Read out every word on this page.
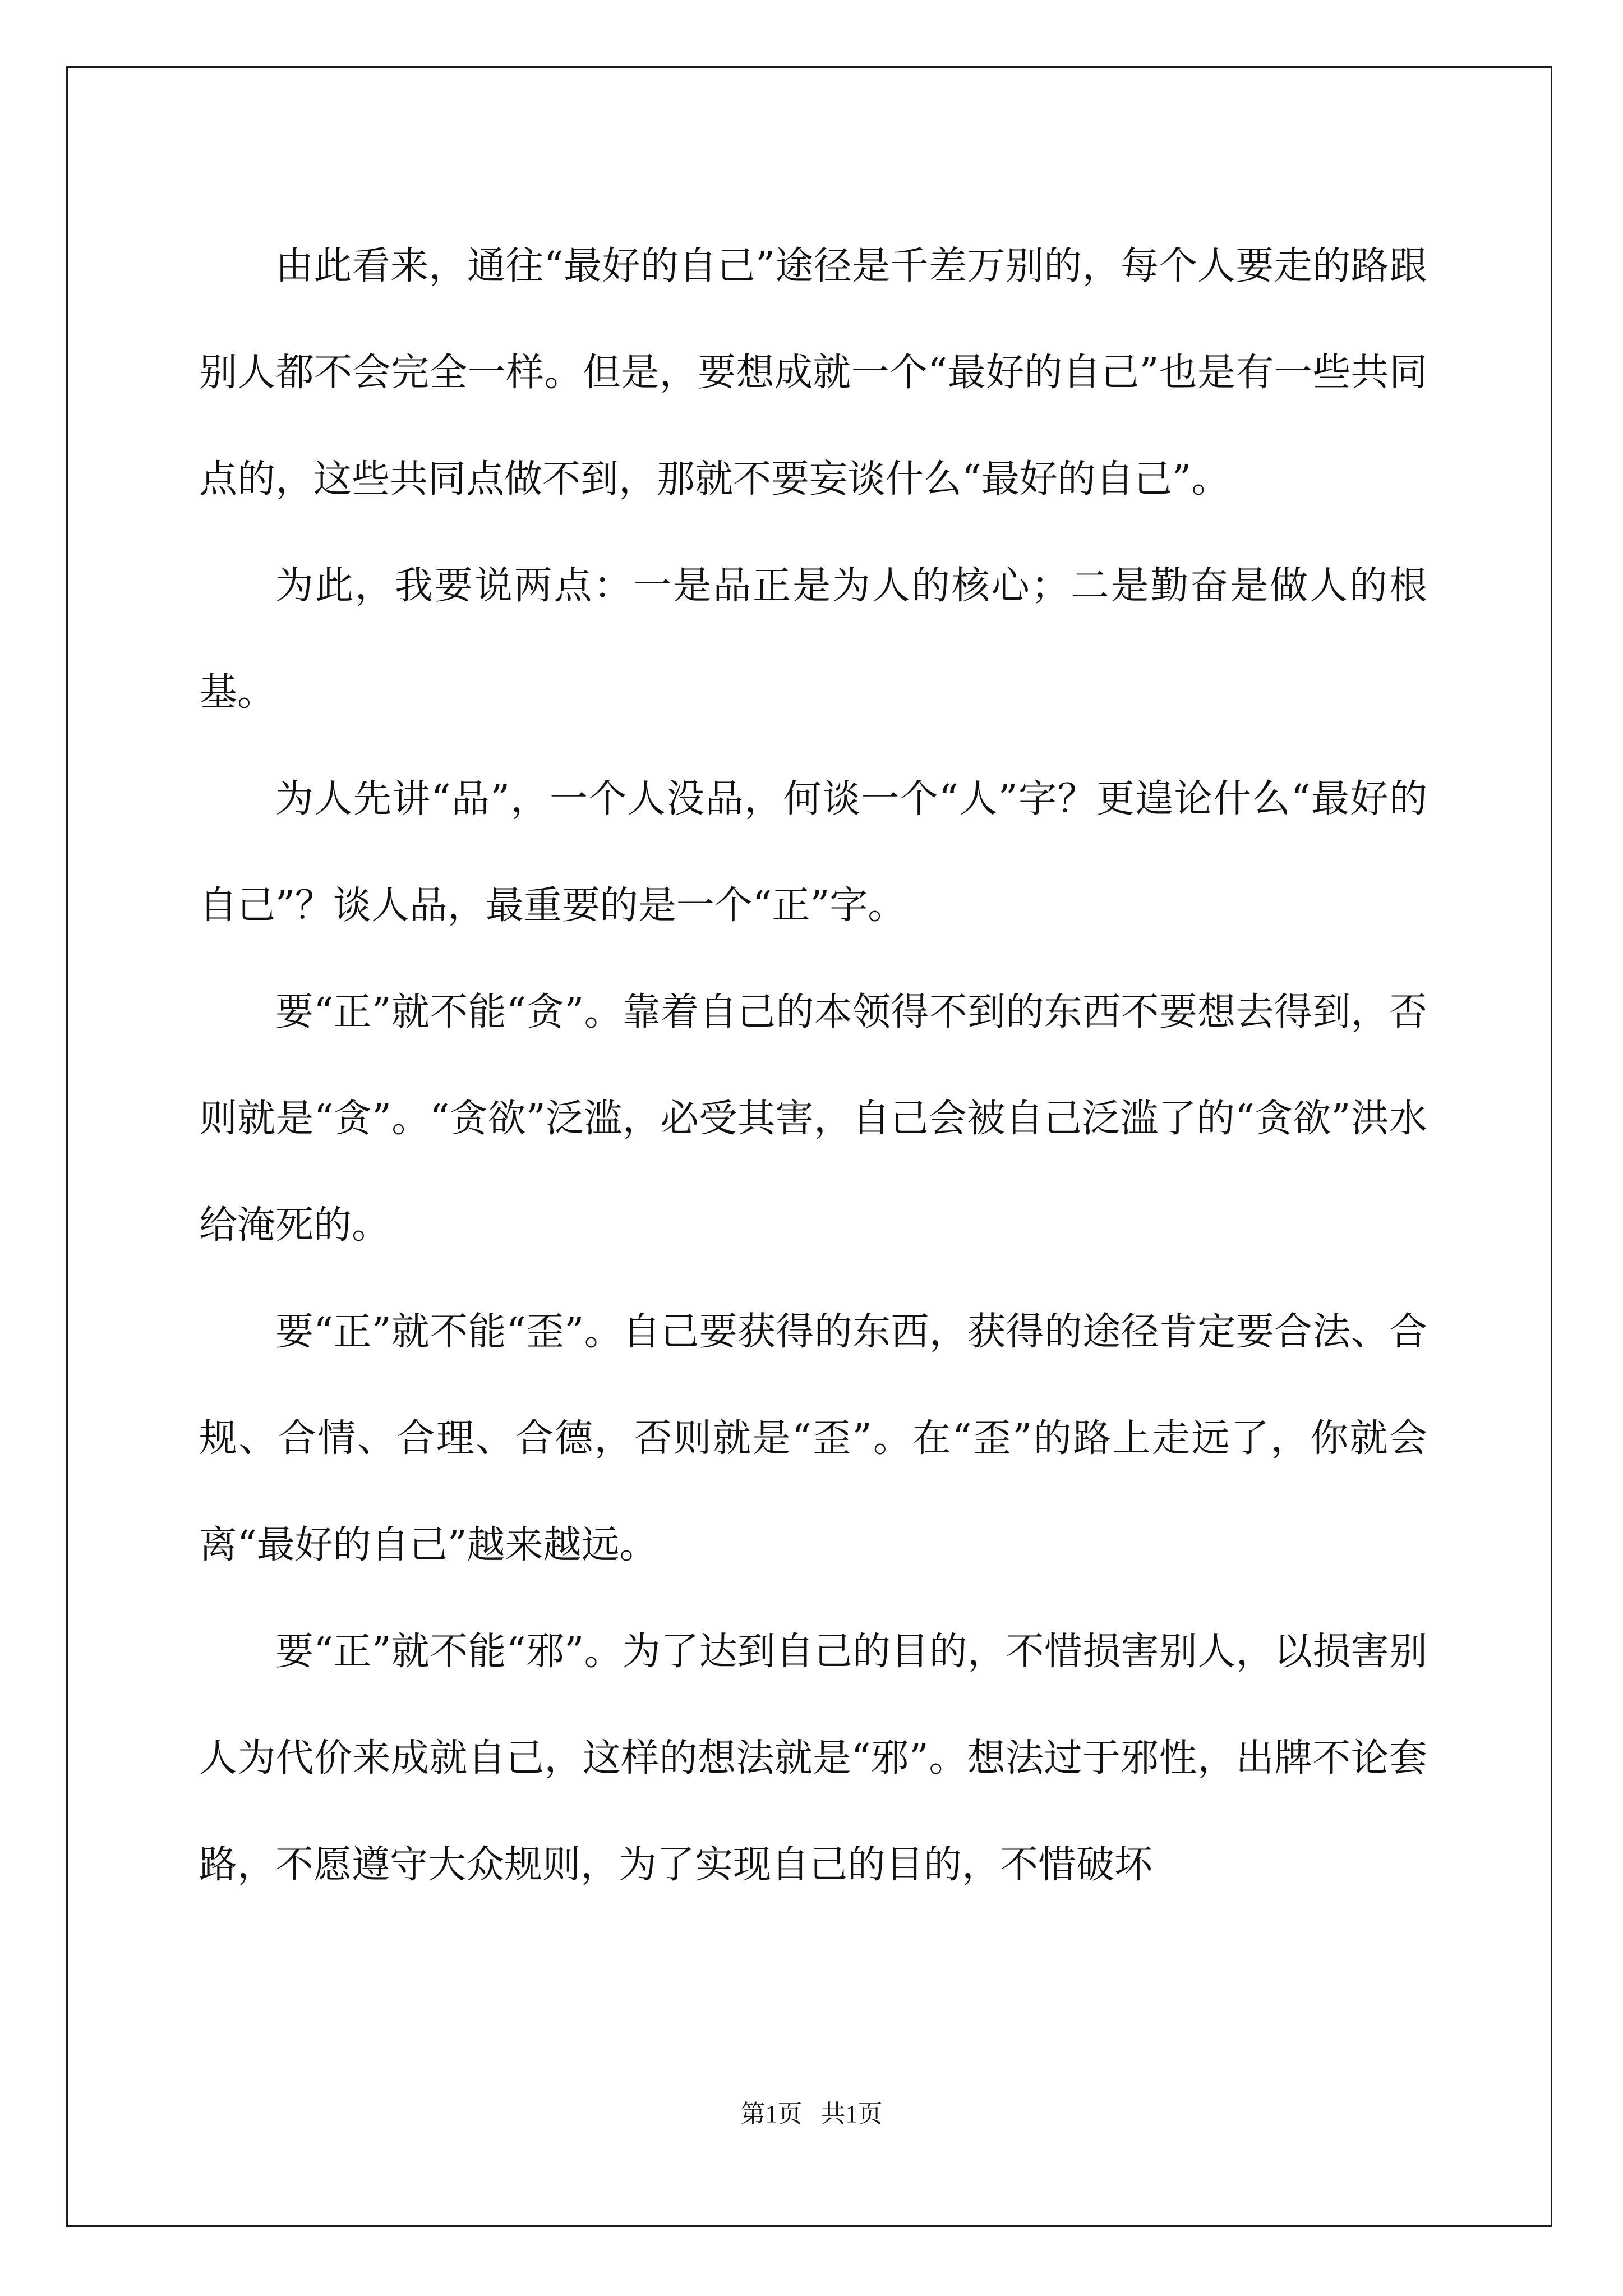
由此看来，通往“最好的自己”途径是千差万别的，每个人要走的路跟别人都不会完全一样。但是，要想成就一个“最好的自己”也是有一些共同点的，这些共同点做不到，那就不要妄谈什么“最好的自己”。

为此，我要说两点：一是品正是为人的核心；二是勤奋是做人的根基。

为人先讲“品”，一个人没品，何谈一个“人”字？更遑论什么“最好的自己”？谈人品，最重要的是一个“正”字。

要“正”就不能“贪”。靠着自己的本领得不到的东西不要想去得到，否则就是“贪”。“贪欲”泛滥，必受其害，自己会被自己泛滥了的“贪欲”洪水给淹死的。

要“正”就不能“歪”。自己要获得的东西，获得的途径肯定要合法、合规、合情、合理、合德，否则就是“歪”。在“歪”的路上走远了，你就会离“最好的自己”越来越远。

要“正”就不能“邪”。为了达到自己的目的，不惜损害别人，以损害别人为代价来成就自己，这样的想法就是“邪”。想法过于邪性，出牌不论套路，不愿遵守大众规则，为了实现自己的目的，不惜破坏

第1页   共1页
